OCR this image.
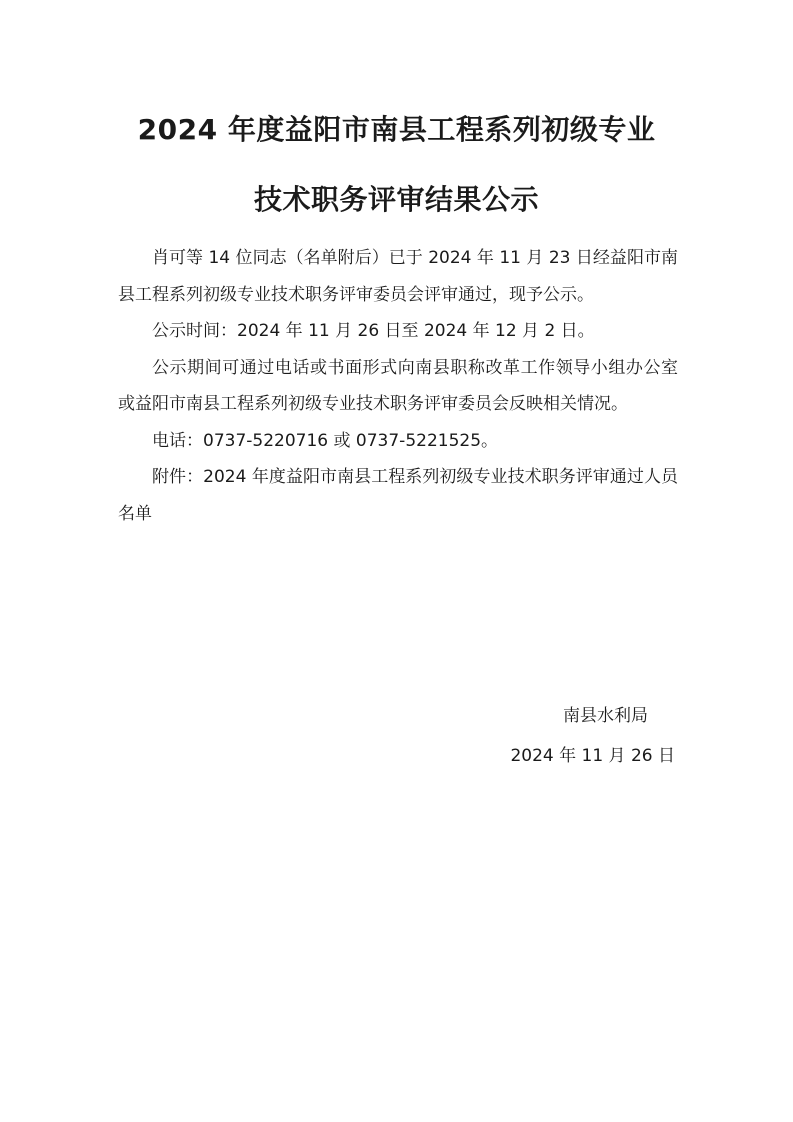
2024 年度益阳市南县工程系列初级专业
技术职务评审结果公示

肖可等 14 位同志（名单附后）已于 2024 年 11 月 23 日经益阳市南县工程系列初级专业技术职务评审委员会评审通过，现予公示。

公示时间：2024 年 11 月 26 日至 2024 年 12 月 2 日。

公示期间可通过电话或书面形式向南县职称改革工作领导小组办公室或益阳市南县工程系列初级专业技术职务评审委员会反映相关情况。

电话：0737-5220716 或 0737-5221525。

附件：2024 年度益阳市南县工程系列初级专业技术职务评审通过人员名单

南县水利局
2024 年 11 月 26 日
